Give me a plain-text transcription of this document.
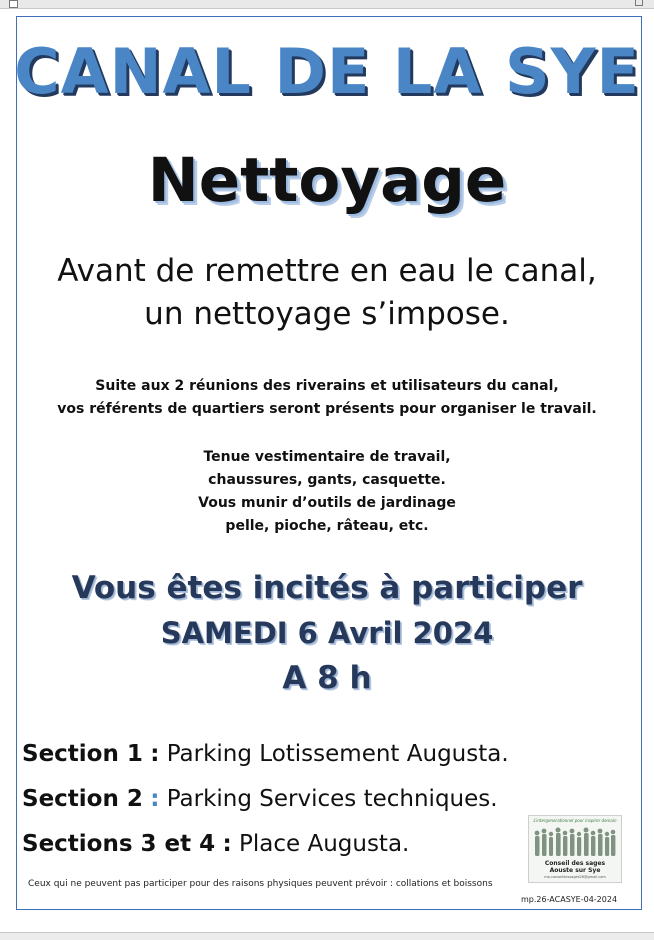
CANAL DE LA SYE
Nettoyage
Avant de remettre en eau le canal,
un nettoyage s’impose.
Suite aux 2 réunions des riverains et utilisateurs du canal,
vos référents de quartiers seront présents pour organiser le travail.
Tenue vestimentaire de travail,
chaussures, gants, casquette.
Vous munir d’outils de jardinage
pelle, pioche, râteau, etc.
Vous êtes incités à participer
SAMEDI 6 Avril 2024
A 8 h
Section 1 : Parking Lotissement Augusta.
Section 2 : Parking Services techniques.
Sections 3 et 4 : Place Augusta.
Ceux qui ne peuvent pas participer pour des raisons physiques peuvent prévoir : collations et boissons
L’intergenerationnel pour inspirer demain
Conseil des sages
Aouste sur Sye
mp.conseildessages26@gmail.com
mp.26-ACASYE-04-2024
